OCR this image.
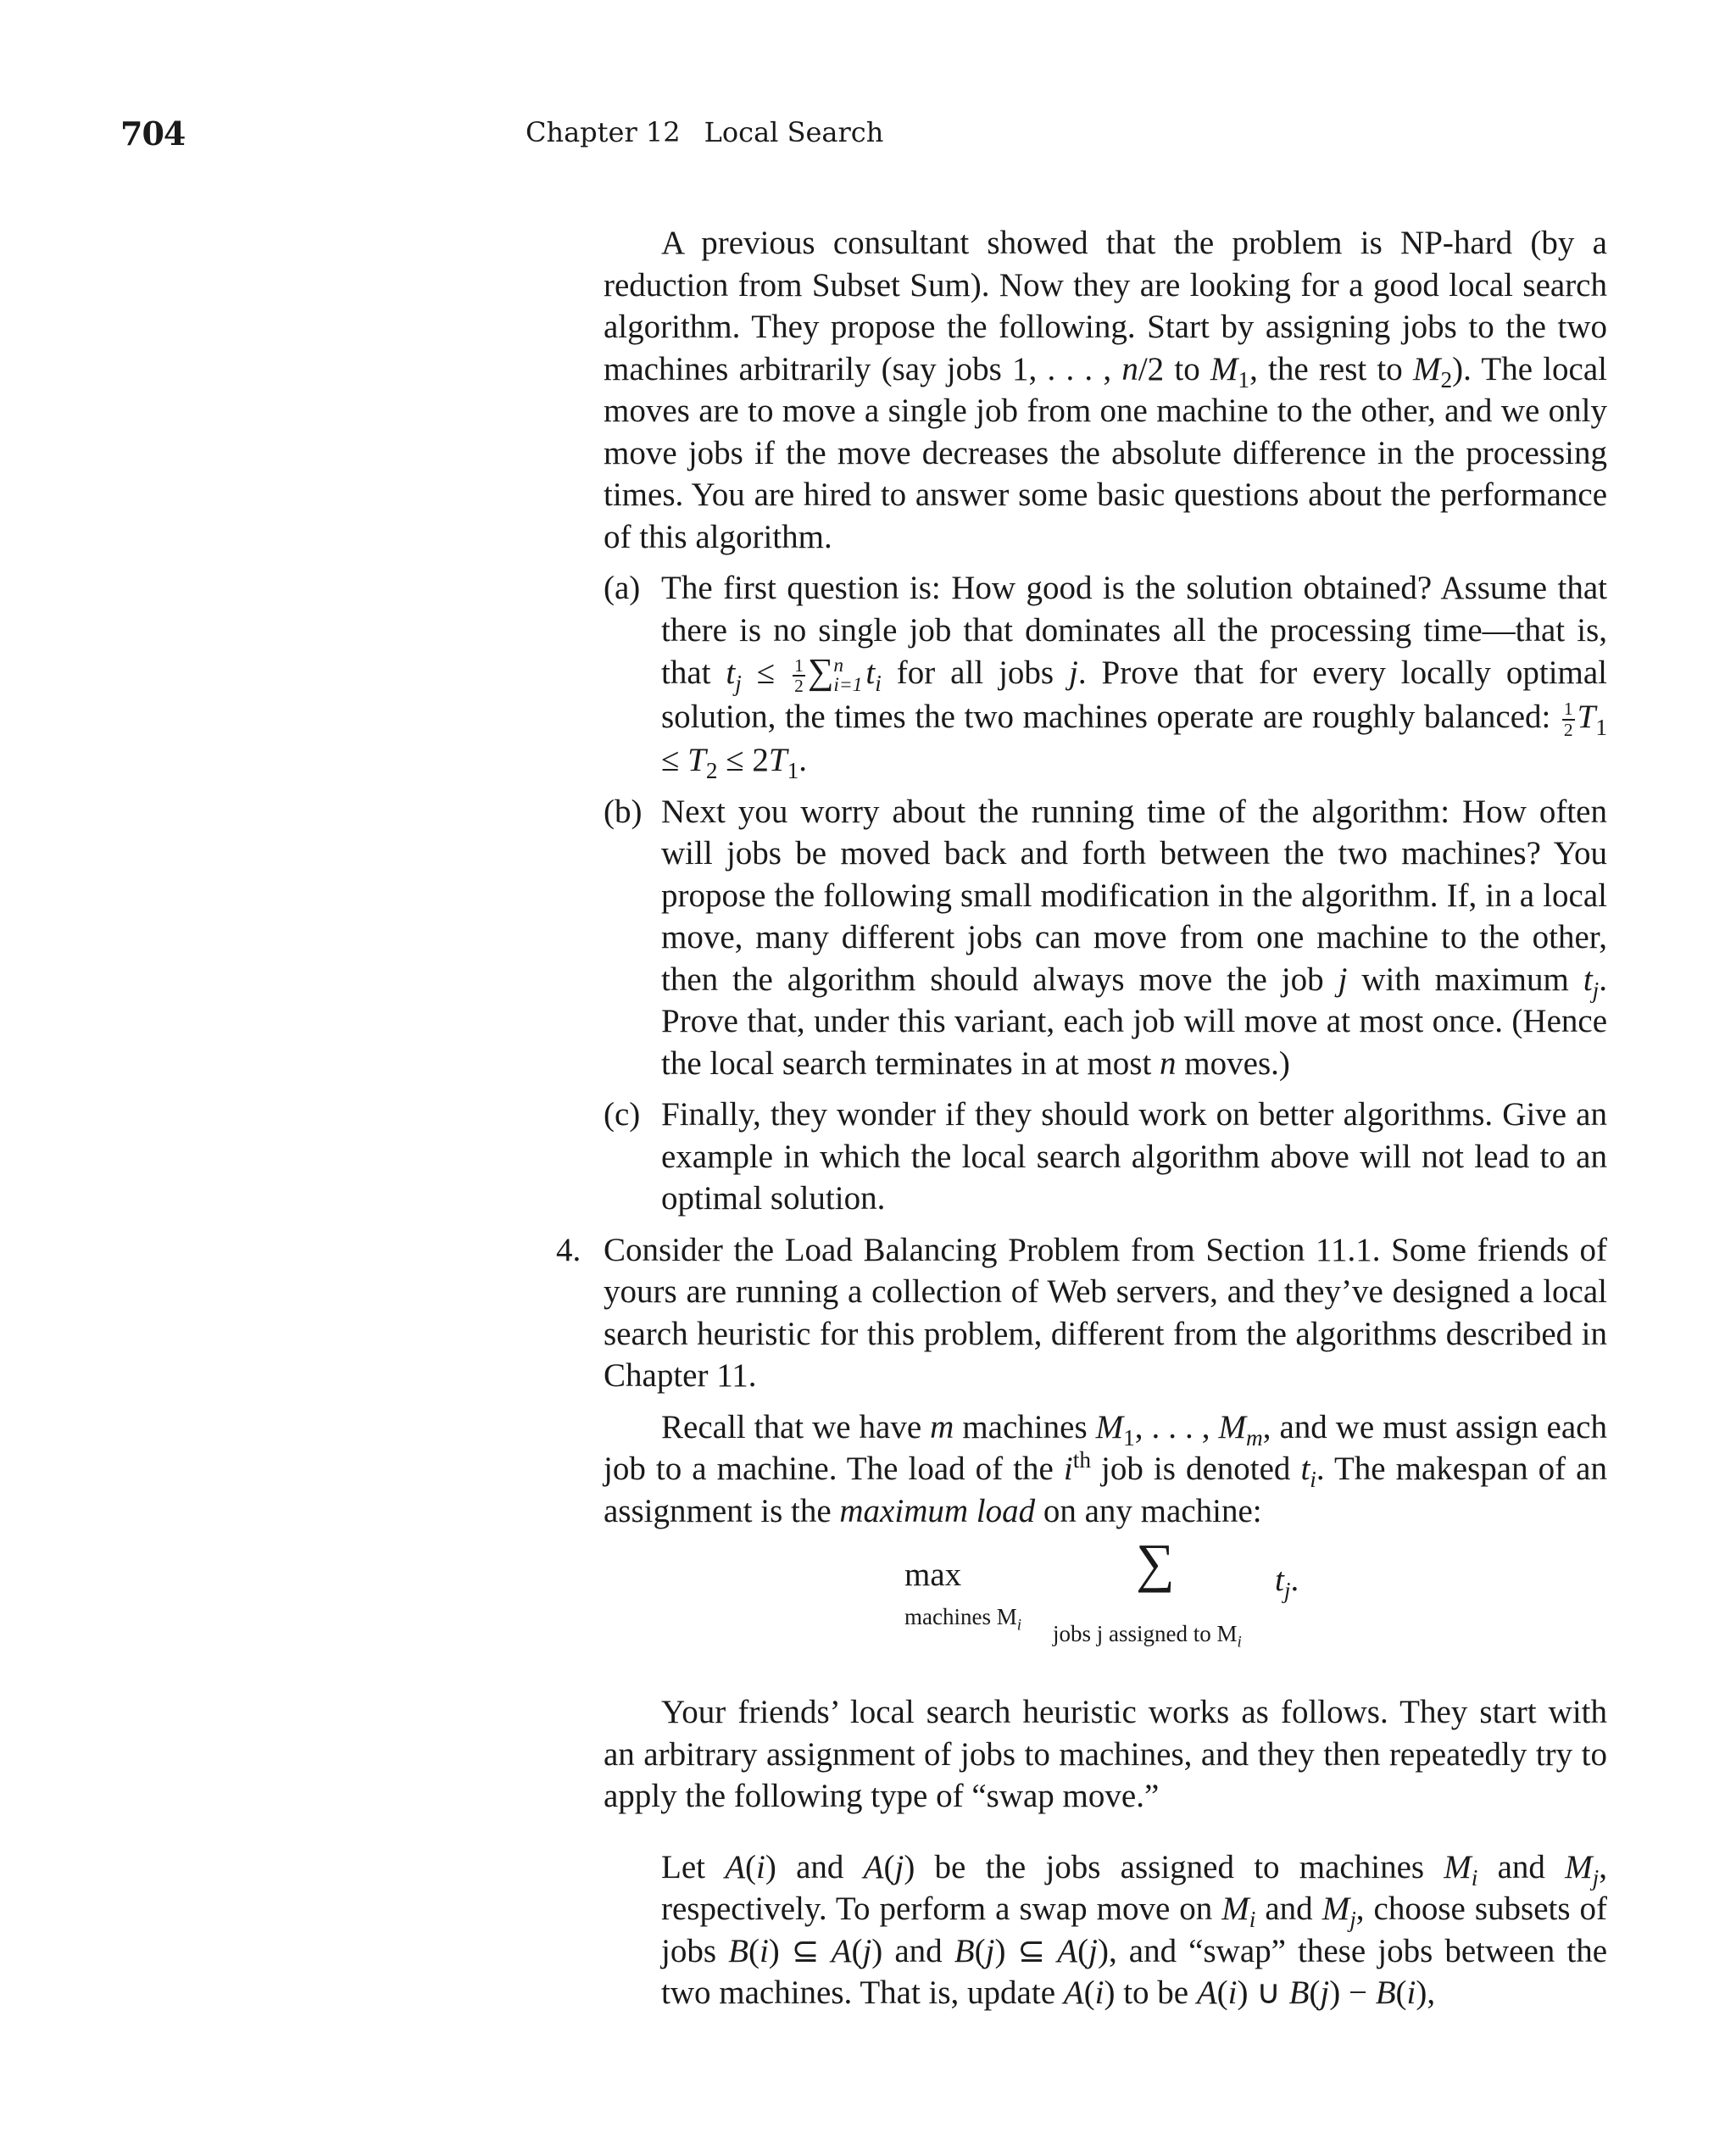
704	Chapter 12 Local Search

A previous consultant showed that the problem is NP-hard (by a reduction from Subset Sum). Now they are looking for a good local search algorithm. They propose the following. Start by assigning jobs to the two machines arbitrarily (say jobs 1, . . . , n/2 to $M_1$, the rest to $M_2$). The local moves are to move a single job from one machine to the other, and we only move jobs if the move decreases the absolute difference in the processing times. You are hired to answer some basic questions about the performance of this algorithm.

(a) The first question is: How good is the solution obtained? Assume that there is no single job that dominates all the processing time—that is, that $t_j \le \frac{1}{2}$ ∑ n
i=1 $t_i$ for all jobs j. Prove that for every locally optimal solution, the times the two machines operate are roughly balanced: $\frac{1}{2} T_1 \le T_2 \le 2T_1$.
(b) Next you worry about the running time of the algorithm: How often will jobs be moved back and forth between the two machines? You propose the following small modification in the algorithm. If, in a local move, many different jobs can move from one machine to the other, then the algorithm should always move the job j with maximum $t_j$. Prove that, under this variant, each job will move at most once. (Hence the local search terminates in at most n moves.)
(c) Finally, they wonder if they should work on better algorithms. Give an example in which the local search algorithm above will not lead to an optimal solution.
4. Consider the Load Balancing Problem from Section 11.1. Some friends of yours are running a collection of Web servers, and they’ve designed a local search heuristic for this problem, different from the algorithms described in Chapter 11.

Recall that we have m machines $M_1$, . . . , $M_m$, and we must assign each job to a machine. The load of the $i^{th}$ job is denoted $t_i$. The makespan of an assignment is the maximum load on any machine:

max
machines $M_i$
∑
jobs j assigned to $M_i$
$t_j$.

Your friends’ local search heuristic works as follows. They start with an arbitrary assignment of jobs to machines, and they then repeatedly try to apply the following type of “swap move.”

Let A(i) and A(j) be the jobs assigned to machines $M_i$ and $M_j$, respectively. To perform a swap move on $M_i$ and $M_j$, choose subsets of jobs B(i) ⊆ A(j) and B(j) ⊆ A(j), and “swap” these jobs between the two machines. That is, update A(i) to be A(i) ∪ B(j) − B(i),
